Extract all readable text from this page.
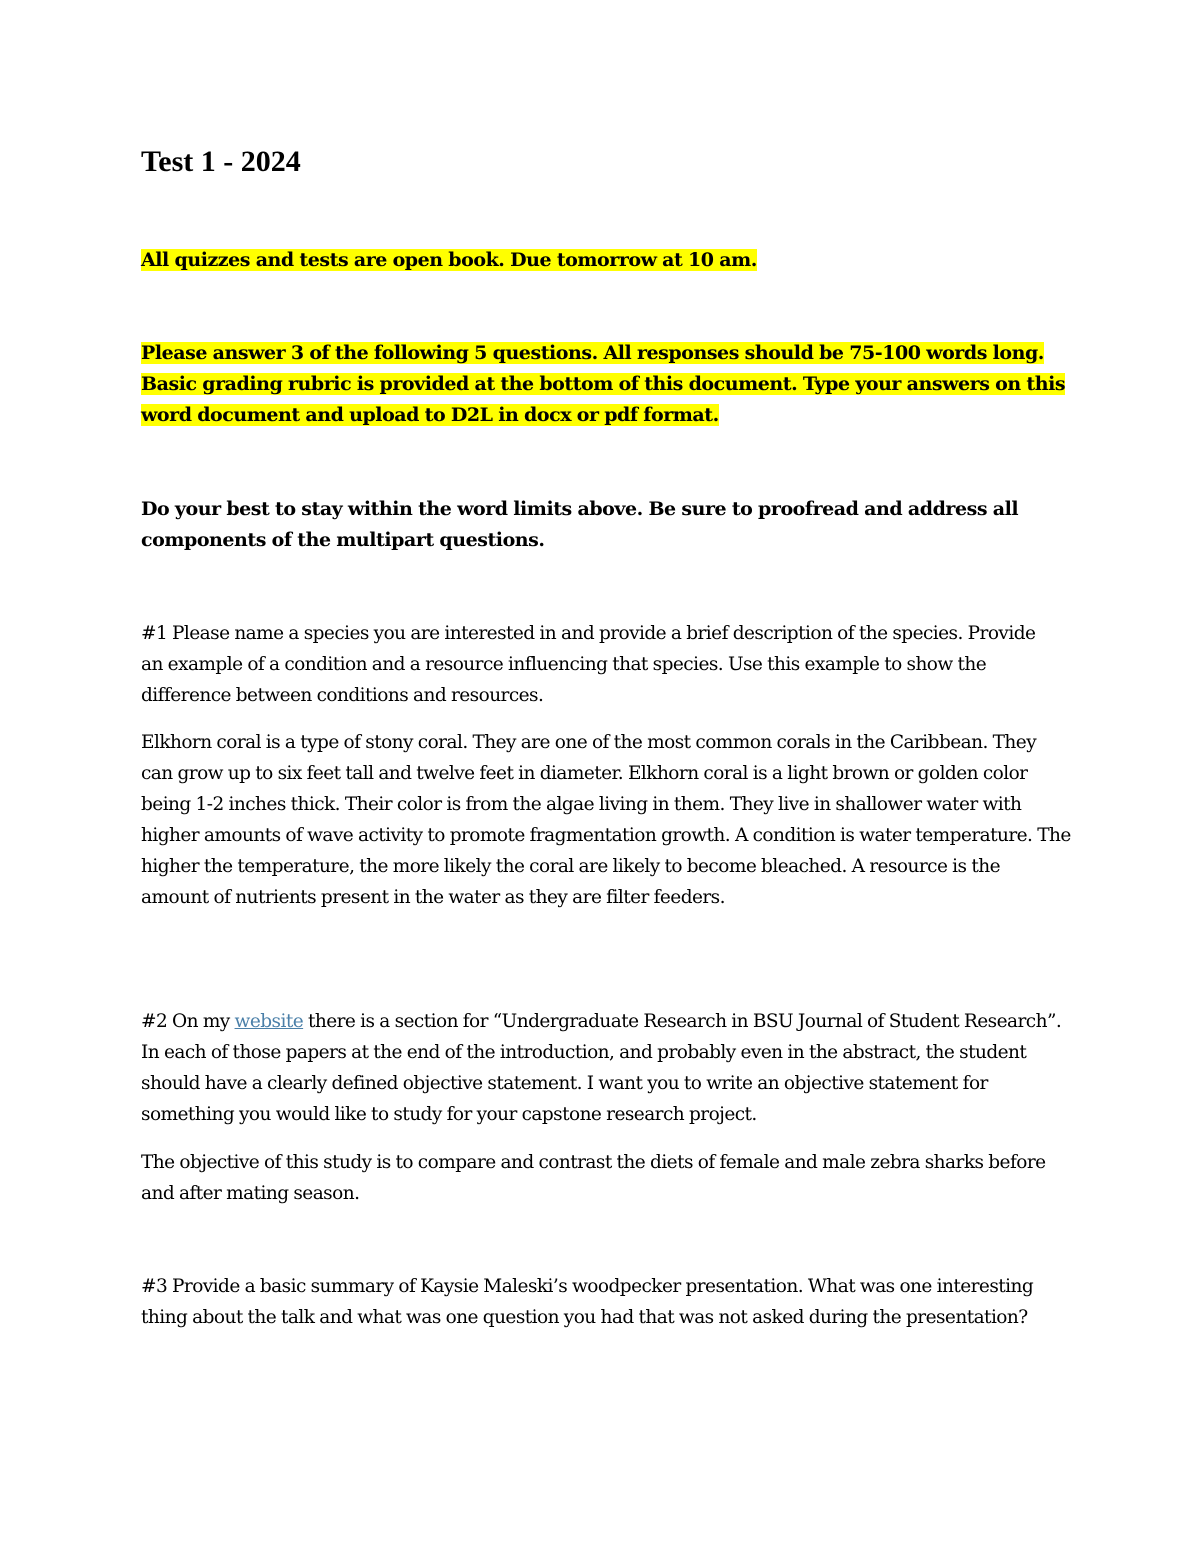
Test 1 - 2024

All quizzes and tests are open book. Due tomorrow at 10 am.

Please answer 3 of the following 5 questions. All responses should be 75-100 words long. Basic grading rubric is provided at the bottom of this document. Type your answers on this word document and upload to D2L in docx or pdf format.

Do your best to stay within the word limits above. Be sure to proofread and address all components of the multipart questions.

#1 Please name a species you are interested in and provide a brief description of the species. Provide an example of a condition and a resource influencing that species. Use this example to show the difference between conditions and resources.

Elkhorn coral is a type of stony coral. They are one of the most common corals in the Caribbean. They can grow up to six feet tall and twelve feet in diameter. Elkhorn coral is a light brown or golden color being 1-2 inches thick. Their color is from the algae living in them. They live in shallower water with higher amounts of wave activity to promote fragmentation growth. A condition is water temperature. The higher the temperature, the more likely the coral are likely to become bleached. A resource is the amount of nutrients present in the water as they are filter feeders.

#2 On my website there is a section for “Undergraduate Research in BSU Journal of Student Research”. In each of those papers at the end of the introduction, and probably even in the abstract, the student should have a clearly defined objective statement. I want you to write an objective statement for something you would like to study for your capstone research project.

The objective of this study is to compare and contrast the diets of female and male zebra sharks before and after mating season.

#3 Provide a basic summary of Kaysie Maleski’s woodpecker presentation. What was one interesting thing about the talk and what was one question you had that was not asked during the presentation?
